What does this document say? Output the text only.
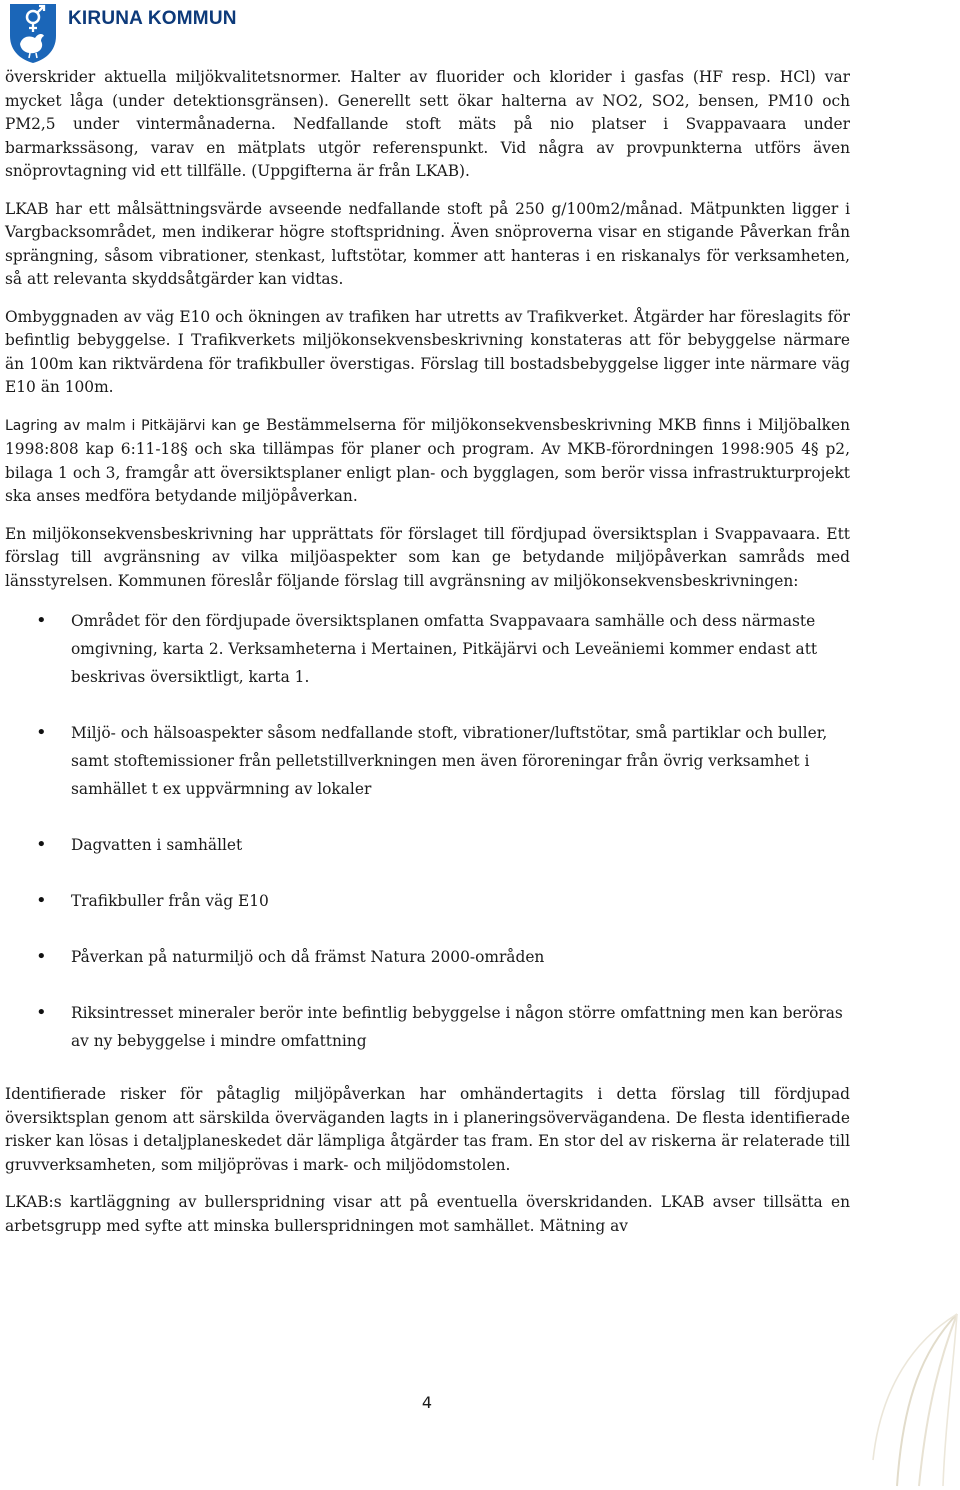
KIRUNA KOMMUN

överskrider aktuella miljökvalitetsnormer. Halter av fluorider och klorider i gasfas (HF resp. HCl) var mycket låga (under detektionsgränsen). Generellt sett ökar halterna av NO2, SO2, bensen, PM10 och PM2,5 under vintermånaderna. Nedfallande stoft mäts på nio platser i Svappavaara under barmarkssäsong, varav en mätplats utgör referenspunkt. Vid några av provpunkterna utförs även snöprovtagning vid ett tillfälle. (Uppgifterna är från LKAB).

LKAB har ett målsättningsvärde avseende nedfallande stoft på 250 g/100m2/månad. Mätpunkten ligger i Vargbacksområdet, men indikerar högre stoftspridning. Även snöproverna visar en stigande Påverkan från sprängning, såsom vibrationer, stenkast, luftstötar, kommer att hanteras i en riskanalys för verksamheten, så att relevanta skyddsåtgärder kan vidtas.

Ombyggnaden av väg E10 och ökningen av trafiken har utretts av Trafikverket. Åtgärder har föreslagits för befintlig bebyggelse. I Trafikverkets miljökonsekvensbeskrivning konstateras att för bebyggelse närmare än 100m kan riktvärdena för trafikbuller överstigas. Förslag till bostadsbebyggelse ligger inte närmare väg E10 än 100m.

Lagring av malm i Pitkäjärvi kan ge Bestämmelserna för miljökonsekvensbeskrivning MKB finns i Miljöbalken 1998:808 kap 6:11-18§ och ska tillämpas för planer och program. Av MKB-förordningen 1998:905 4§ p2, bilaga 1 och 3, framgår att översiktsplaner enligt plan- och bygglagen, som berör vissa infrastrukturprojekt ska anses medföra betydande miljöpåverkan.

En miljökonsekvensbeskrivning har upprättats för förslaget till fördjupad översiktsplan i Svappavaara. Ett förslag till avgränsning av vilka miljöaspekter som kan ge betydande miljöpåverkan samråds med länsstyrelsen. Kommunen föreslår följande förslag till avgränsning av miljökonsekvensbeskrivningen:

• Området för den fördjupade översiktsplanen omfatta Svappavaara samhälle och dess närmaste omgivning, karta 2. Verksamheterna i Mertainen, Pitkäjärvi och Leveäniemi kommer endast att beskrivas översiktligt, karta 1.
• Miljö- och hälsoaspekter såsom nedfallande stoft, vibrationer/luftstötar, små partiklar och buller, samt stoftemissioner från pelletstillverkningen men även föroreningar från övrig verksamhet i samhället t ex uppvärmning av lokaler
• Dagvatten i samhället
• Trafikbuller från väg E10
• Påverkan på naturmiljö och då främst Natura 2000-områden
• Riksintresset mineraler berör inte befintlig bebyggelse i någon större omfattning men kan beröras av ny bebyggelse i mindre omfattning

Identifierade risker för påtaglig miljöpåverkan har omhändertagits i detta förslag till fördjupad översiktsplan genom att särskilda överväganden lagts in i planeringsövervägandena. De flesta identifierade risker kan lösas i detaljplaneskedet där lämpliga åtgärder tas fram. En stor del av riskerna är relaterade till gruvverksamheten, som miljöprövas i mark- och miljödomstolen.

LKAB:s kartläggning av bullerspridning visar att på eventuella överskridanden. LKAB avser tillsätta en arbetsgrupp med syfte att minska bullerspridningen mot samhället. Mätning av

4
